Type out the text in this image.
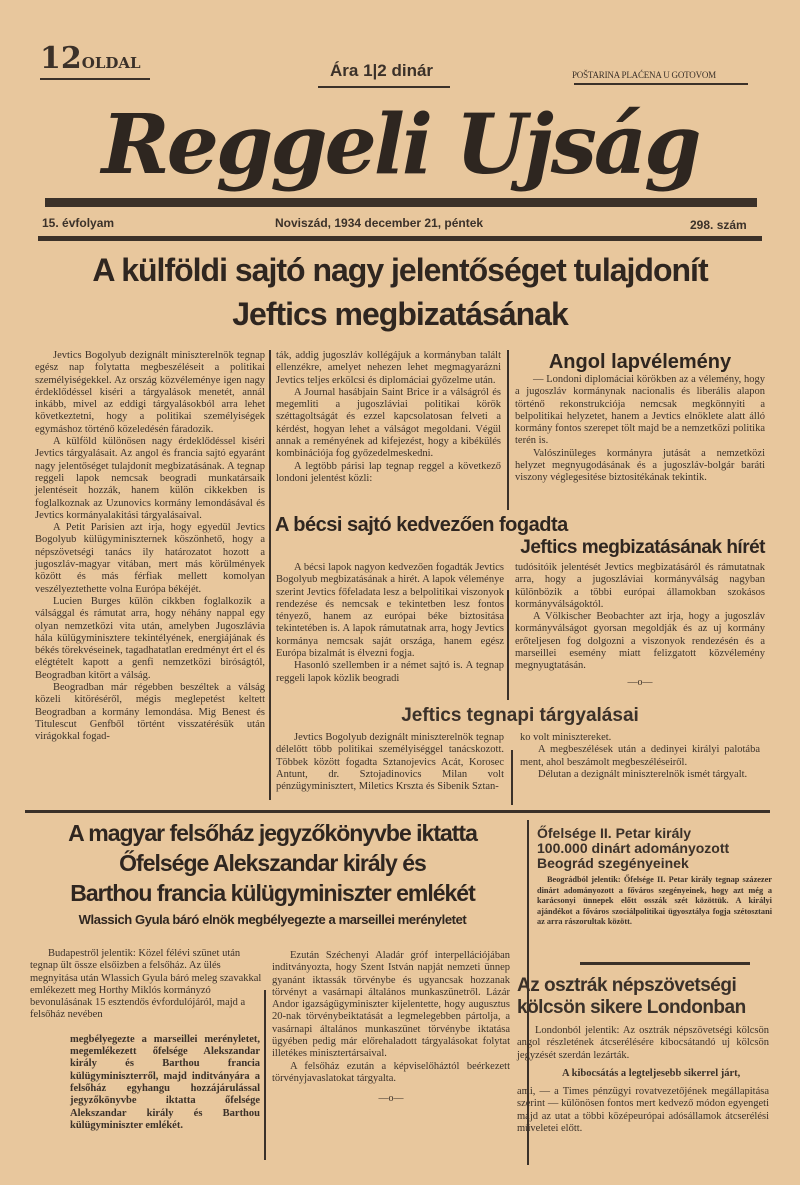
12OLDAL	Ára 1|2 dinár	POŠTARINA PLAĆENA U GOTOVOM
Reggeli Ujság
15. évfolyam	Noviszád, 1934 december 21, péntek	298. szám
A külföldi sajtó nagy jelentőséget tulajdonít
Jeftics megbizatásának

Jevtics Bogolyub dezignált miniszterelnök tegnap egész nap folytatta megbeszéléseit a politikai személyiségekkel. Az ország közvéleménye igen nagy érdeklődéssel kiséri a tárgyalások menetét, annál inkább, mivel az eddigi tárgyalásokból arra lehet következtetni, hogy a politikai személyiségek egymáshoz történő közeledésén fáradozik.

A külföld különösen nagy érdeklődéssel kiséri Jevtics tárgyalásait. Az angol és francia sajtó egyaránt nagy jelentőséget tulajdonít megbizatásának. A tegnap reggeli lapok nemcsak beogradi munkatársaik jelentéseit hozzák, hanem külön cikkekben is foglalkoznak az Uzunovics kormány lemondásával és Jevtics kormányalakitási tárgyalásaival.

A Petit Parisien azt irja, hogy egyedül Jevtics Bogolyub külügyminiszternek köszönhető, hogy a népszövetségi tanács ily határozatot hozott a jugoszláv-magyar vitában, mert más körülmények között és más férfiak mellett komolyan veszélyeztethette volna Európa békéjét.

Lucien Burges külön cikkben foglalkozik a válsággal és rámutat arra, hogy néhány nappal egy olyan nemzetközi vita után, amelyben Jugoszlávia hála külügyminisztere tekintélyének, energiájának és békés törekvéseinek, tagadhatatlan eredményt ért el és elégtételt kapott a genfi nemzetközi biróságtól, Beogradban kitört a válság.

Beogradban már régebben beszéltek a válság közeli kitöréséről, mégis meglepetést keltett Beogradban a kormány lemondása. Mig Benest és Titulescut Genfből történt visszatérésük után virágokkal fogad-

ták, addig jugoszláv kollégájuk a kormányban talált ellenzékre, amelyet nehezen lehet megmagyarázni Jevtics teljes erkölcsi és diplomáciai győzelme után.

A Journal hasábjain Saint Brice ir a válságról és megemliti a jugoszláviai politikai körök széttagoltságát és ezzel kapcsolatosan felveti a kérdést, hogyan lehet a válságot megoldani. Végül annak a reményének ad kifejezést, hogy a kibékülés kombinációja fog győzedelmeskedni.

A legtöbb párisi lap tegnap reggel a következő londoni jelentést közli:

Angol lapvélemény

— Londoni diplomáciai körökben az a vélemény, hogy a jugoszláv kormánynak nacionalis és liberális alapon történő rekonstrukciója nemcsak megkönnyiti a belpolitikai helyzetet, hanem a Jevtics elnöklete alatt álló kormány fontos szerepet tölt majd be a nemzetközi politika terén is.

Valószinüleges kormányra jutását a nemzetközi helyzet megnyugodásának és a jugoszláv-bolgár baráti viszony véglegesitése biztositékának tekintik.

A bécsi sajtó kedvezően fogadta
Jeftics megbizatásának hírét

A bécsi lapok nagyon kedvezően fogadták Jevtics Bogolyub megbizatásának a hirét. A lapok véleménye szerint Jevtics főfeladata lesz a belpolitikai viszonyok rendezése és nemcsak e tekintetben lesz fontos tényező, hanem az európai béke biztositása tekintetében is. A lapok rámutatnak arra, hogy Jevtics kormánya nemcsak saját országa, hanem egész Európa bizalmát is élvezni fogja.

Hasonló szellemben ir a német sajtó is. A tegnap reggeli lapok közlik beogradi

tudósitóik jelentését Jevtics megbizatásáról és rámutatnak arra, hogy a jugoszláviai kormányválság nagyban különbözik a többi európai államokban szokásos kormányválságoktól.

A Völkischer Beobachter azt irja, hogy a jugoszláv kormányválságot gyorsan megoldják és az uj kormány erőteljesen fog dolgozni a viszonyok rendezésén és a marseillei esemény miatt felizgatott közvélemény megnyugtatásán.

—o—
Jeftics tegnapi tárgyalásai

Jevtics Bogolyub dezignált miniszterelnök tegnap délelőtt több politikai személyiséggel tanácskozott. Többek között fogadta Sztanojevics Acát, Korosec Antunt, dr. Sztojadinovics Milan volt pénzügyminisztert, Miletics Krszta és Sibenik Sztan-

ko volt minisztereket.

A megbeszélések után a dedinyei királyi palotába ment, ahol beszámolt megbeszéléseiről.

Délutan a dezignált miniszterelnök ismét tárgyalt.

A magyar felsőház jegyzőkönyvbe iktatta
Őfelsége Alekszandar király és
Barthou francia külügyminiszter emlékét
Wlassich Gyula báró elnök megbélyegezte a marseillei merényletet

Budapestről jelentik: Közel félévi szünet után tegnap ült össze elsőizben a felsőház. Az ülés megnyitása után Wlassich Gyula báró meleg szavakkal emlékezett meg Horthy Miklós kormányzó bevonulásának 15 esztendős évfordulójáról, majd a felsőház nevében

megbélyegezte a marseillei merényletet, megemlékezett őfelsége Alekszandar király és Barthou francia külügyminiszterről, majd inditványára a felsőház egyhangu hozzájárulással jegyzőkönyvbe iktatta őfelsége Alekszandar király és Barthou külügyminiszter emlékét.

Ezután Széchenyi Aladár gróf interpellációjában inditványozta, hogy Szent István napját nemzeti ünnep gyanánt iktassák törvénybe és ugyancsak hozzanak törvényt a vasárnapi általános munkaszünetről. Lázár Andor igazságügyminiszter kijelentette, hogy augusztus 20-nak törvénybeiktatását a legmelegebben pártolja, a vasárnapi általános munkaszünet törvénybe iktatása ügyében pedig már előrehaladott tárgyalásokat folytat illetékes minisztertársaival.

A felsőház ezután a képviselőháztól beérkezett törvényjavaslatokat tárgyalta.

—o—
Őfelsége II. Petar király
100.000 dinárt adományozott
Beográd szegényeinek

Beográdból jelentik: Őfelsége II. Petar király tegnap százezer dinárt adományozott a főváros szegényeinek, hogy azt még a karácsonyi ünnepek előtt osszák szét közöttük. A királyi ajándékot a főváros szociálpolitikai ügyosztálya fogja szétosztani az arra rászorultak között.

Az osztrák népszövetségi
kölcsön sikere Londonban

Londonból jelentik: Az osztrák népszövetségi kölcsön angol részletének átcserélésére kibocsátandó uj kölcsön jegyzését szerdán lezárták.

A kibocsátás a legteljesebb sikerrel járt,

ami, — a Times pénzügyi rovatvezetőjének megállapitása szerint — különösen fontos mert kedvező módon egyengeti majd az utat a többi középeurópai adósállamok átcserélési műveletei előtt.
